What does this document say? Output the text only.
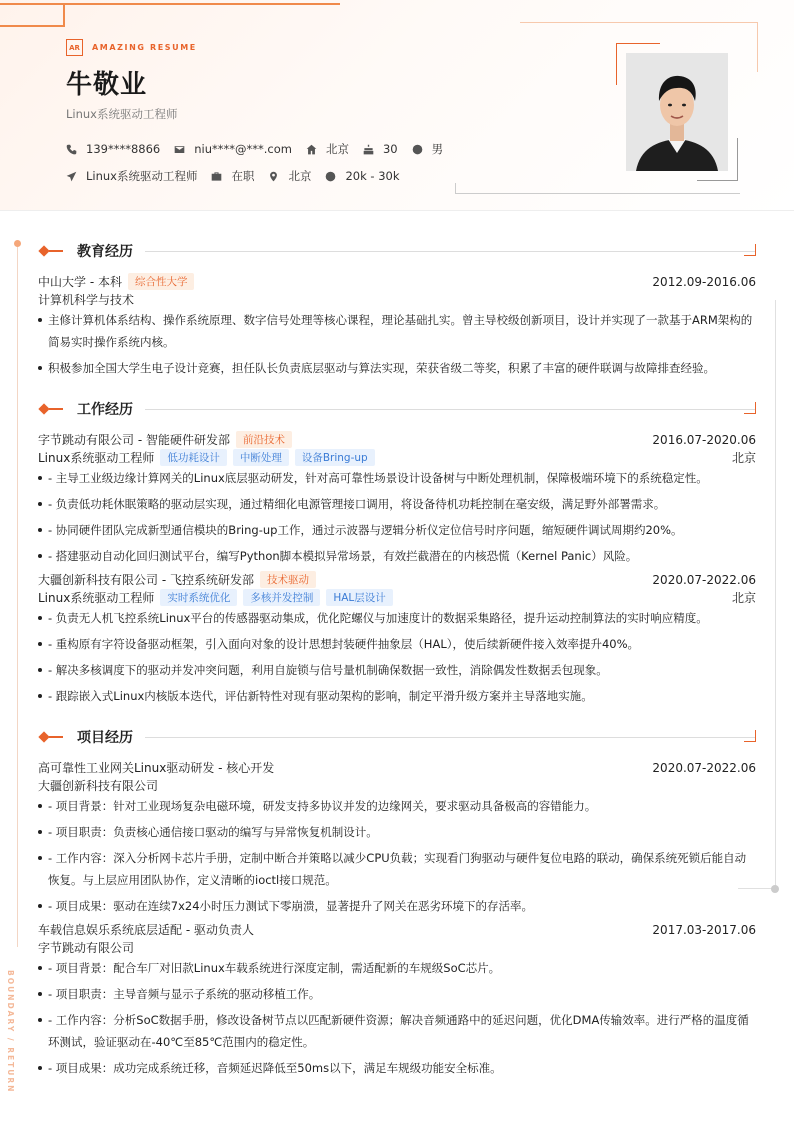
AR	AMAZING RESUME
牛敬业
Linux系统驱动工程师
139****8866	niu****@***.com	北京	30	男
Linux系统驱动工程师	在职	北京	20k - 30k
BOUNDARY / RETURN
教育经历
中山大学 - 本科	综合性大学	2012.09-2016.06
计算机科学与技术
主修计算机体系结构、操作系统原理、数字信号处理等核心课程，理论基础扎实。曾主导校级创新项目，设计并实现了一款基于ARM架构的简易实时操作系统内核。
积极参加全国大学生电子设计竞赛，担任队长负责底层驱动与算法实现，荣获省级二等奖，积累了丰富的硬件联调与故障排查经验。
工作经历
字节跳动有限公司 - 智能硬件研发部	前沿技术	2016.07-2020.06
Linux系统驱动工程师	低功耗设计	中断处理	设备Bring-up	北京
- 主导工业级边缘计算网关的Linux底层驱动研发，针对高可靠性场景设计设备树与中断处理机制，保障极端环境下的系统稳定性。
- 负责低功耗休眠策略的驱动层实现，通过精细化电源管理接口调用，将设备待机功耗控制在毫安级，满足野外部署需求。
- 协同硬件团队完成新型通信模块的Bring-up工作，通过示波器与逻辑分析仪定位信号时序问题，缩短硬件调试周期约20%。
- 搭建驱动自动化回归测试平台，编写Python脚本模拟异常场景，有效拦截潜在的内核恐慌（Kernel Panic）风险。
大疆创新科技有限公司 - 飞控系统研发部	技术驱动	2020.07-2022.06
Linux系统驱动工程师	实时系统优化	多核并发控制	HAL层设计	北京
- 负责无人机飞控系统Linux平台的传感器驱动集成，优化陀螺仪与加速度计的数据采集路径，提升运动控制算法的实时响应精度。
- 重构原有字符设备驱动框架，引入面向对象的设计思想封装硬件抽象层（HAL），使后续新硬件接入效率提升40%。
- 解决多核调度下的驱动并发冲突问题，利用自旋锁与信号量机制确保数据一致性，消除偶发性数据丢包现象。
- 跟踪嵌入式Linux内核版本迭代，评估新特性对现有驱动架构的影响，制定平滑升级方案并主导落地实施。
项目经历
高可靠性工业网关Linux驱动研发 - 核心开发	2020.07-2022.06
大疆创新科技有限公司
- 项目背景：针对工业现场复杂电磁环境，研发支持多协议并发的边缘网关，要求驱动具备极高的容错能力。
- 项目职责：负责核心通信接口驱动的编写与异常恢复机制设计。
- 工作内容：深入分析网卡芯片手册，定制中断合并策略以减少CPU负载；实现看门狗驱动与硬件复位电路的联动，确保系统死锁后能自动恢复。与上层应用团队协作，定义清晰的ioctl接口规范。
- 项目成果：驱动在连续7x24小时压力测试下零崩溃，显著提升了网关在恶劣环境下的存活率。
车载信息娱乐系统底层适配 - 驱动负责人	2017.03-2017.06
字节跳动有限公司
- 项目背景：配合车厂对旧款Linux车载系统进行深度定制，需适配新的车规级SoC芯片。
- 项目职责：主导音频与显示子系统的驱动移植工作。
- 工作内容：分析SoC数据手册，修改设备树节点以匹配新硬件资源；解决音频通路中的延迟问题，优化DMA传输效率。进行严格的温度循环测试，验证驱动在-40℃至85℃范围内的稳定性。
- 项目成果：成功完成系统迁移，音频延迟降低至50ms以下，满足车规级功能安全标准。
